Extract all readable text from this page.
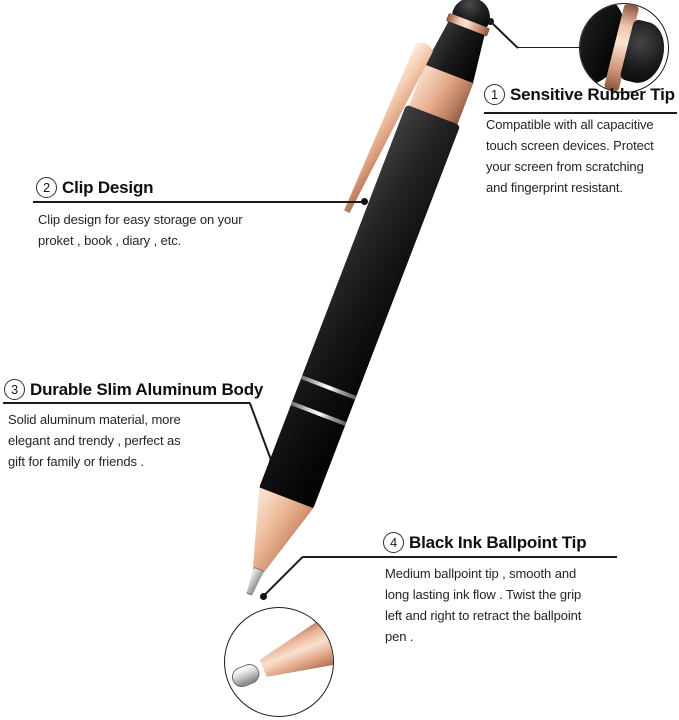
1 Sensitive Rubber Tip

Compatible with all capacitive
touch screen devices. Protect
your screen from scratching
and fingerprint resistant.

2 Clip Design

Clip design for easy storage on your
proket , book , diary , etc.

3 Durable Slim Aluminum Body

Solid aluminum material, more
elegant and trendy , perfect as
gift for family or friends .

4 Black Ink Ballpoint Tip

Medium ballpoint tip , smooth and
long lasting ink flow . Twist the grip
left and right to retract the ballpoint
pen .
